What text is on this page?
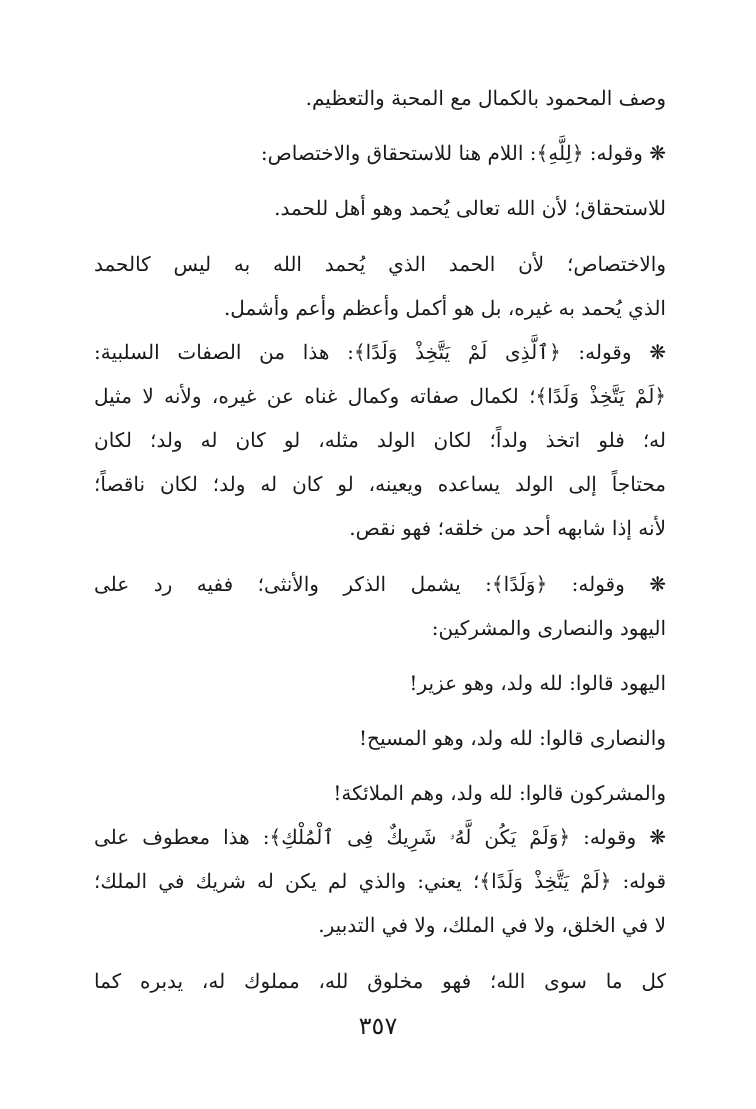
وصف المحمود بالكمال مع المحبة والتعظيم.
❋ وقوله: ﴿لِلَّهِ﴾: اللام هنا للاستحقاق والاختصاص:
للاستحقاق؛ لأن الله تعالى يُحمد وهو أهل للحمد.
والاختصاص؛ لأن الحمد الذي يُحمد الله به ليس كالحمد
الذي يُحمد به غيره، بل هو أكمل وأعظم وأعم وأشمل.
❋ وقوله: ﴿ٱلَّذِى لَمْ يَتَّخِذْ وَلَدًا﴾: هذا من الصفات السلبية:
﴿لَمْ يَتَّخِذْ وَلَدًا﴾؛ لكمال صفاته وكمال غناه عن غيره، ولأنه لا مثيل
له؛ فلو اتخذ ولداً؛ لكان الولد مثله، لو كان له ولد؛ لكان
محتاجاً إلى الولد يساعده ويعينه، لو كان له ولد؛ لكان ناقصاً؛
لأنه إذا شابهه أحد من خلقه؛ فهو نقص.
❋ وقوله: ﴿وَلَدًا﴾: يشمل الذكر والأنثى؛ ففيه رد على
اليهود والنصارى والمشركين:
اليهود قالوا: لله ولد، وهو عزير!
والنصارى قالوا: لله ولد، وهو المسيح!
والمشركون قالوا: لله ولد، وهم الملائكة!
❋ وقوله: ﴿وَلَمْ يَكُن لَّهُۥ شَرِيكٌ فِى ٱلْمُلْكِ﴾: هذا معطوف على
قوله: ﴿لَمْ يَتَّخِذْ وَلَدًا﴾؛ يعني: والذي لم يكن له شريك في الملك؛
لا في الخلق، ولا في الملك، ولا في التدبير.
كل ما سوى الله؛ فهو مخلوق لله، مملوك له، يدبره كما
٣٥٧
